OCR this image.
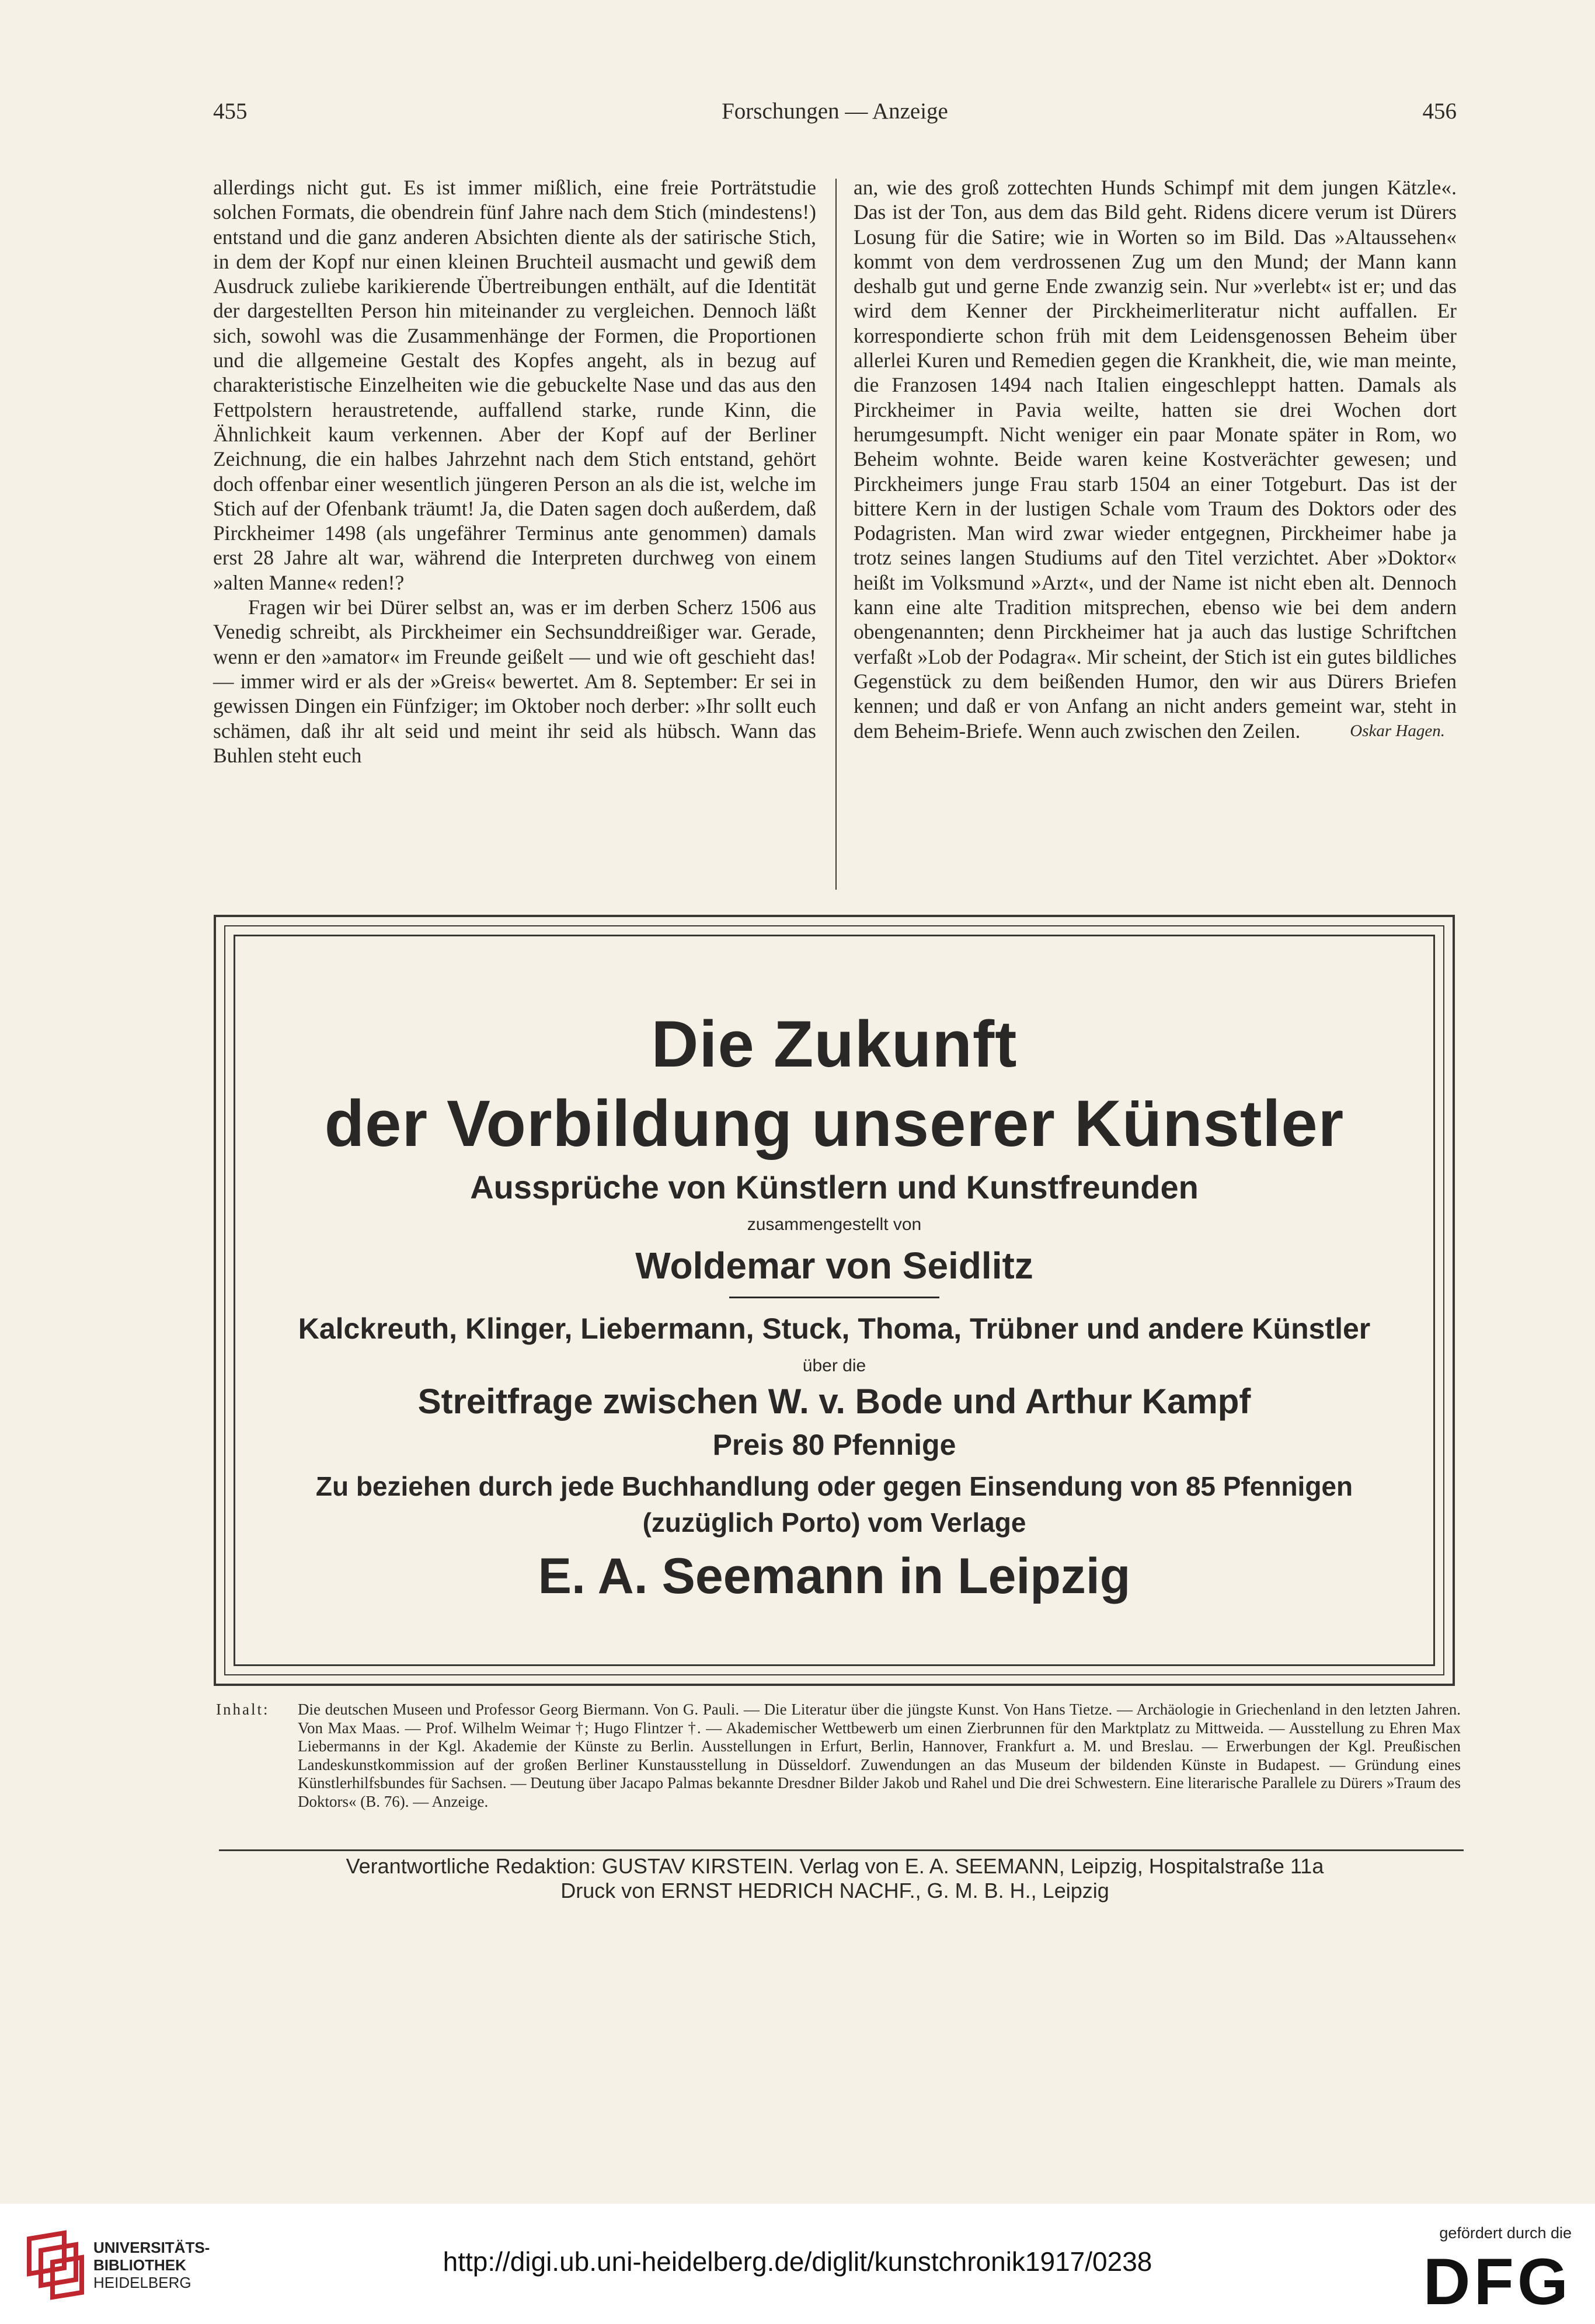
455	Forschungen — Anzeige	456

allerdings nicht gut. Es ist immer mißlich, eine freie Porträtstudie solchen Formats, die obendrein fünf Jahre nach dem Stich (mindestens!) entstand und die ganz anderen Absichten diente als der satirische Stich, in dem der Kopf nur einen kleinen Bruchteil ausmacht und gewiß dem Ausdruck zuliebe karikierende Übertreibungen enthält, auf die Identität der dargestellten Person hin miteinander zu vergleichen. Dennoch läßt sich, sowohl was die Zusammenhänge der Formen, die Proportionen und die allgemeine Gestalt des Kopfes angeht, als in bezug auf charakteristische Einzelheiten wie die gebuckelte Nase und das aus den Fettpolstern heraustretende, auffallend starke, runde Kinn, die Ähnlichkeit kaum verkennen. Aber der Kopf auf der Berliner Zeichnung, die ein halbes Jahrzehnt nach dem Stich entstand, gehört doch offenbar einer wesentlich jüngeren Person an als die ist, welche im Stich auf der Ofenbank träumt! Ja, die Daten sagen doch außerdem, daß Pirckheimer 1498 (als ungefährer Terminus ante genommen) damals erst 28 Jahre alt war, während die Interpreten durchweg von einem »alten Manne« reden!?

Fragen wir bei Dürer selbst an, was er im derben Scherz 1506 aus Venedig schreibt, als Pirckheimer ein Sechsunddreißiger war. Gerade, wenn er den »amator« im Freunde geißelt — und wie oft geschieht das! — immer wird er als der »Greis« bewertet. Am 8. September: Er sei in gewissen Dingen ein Fünfziger; im Oktober noch derber: »Ihr sollt euch schämen, daß ihr alt seid und meint ihr seid als hübsch. Wann das Buhlen steht euch

an, wie des groß zottechten Hunds Schimpf mit dem jungen Kätzle«. Das ist der Ton, aus dem das Bild geht. Ridens dicere verum ist Dürers Losung für die Satire; wie in Worten so im Bild. Das »Altaussehen« kommt von dem verdrossenen Zug um den Mund; der Mann kann deshalb gut und gerne Ende zwanzig sein. Nur »verlebt« ist er; und das wird dem Kenner der Pirckheimerliteratur nicht auffallen. Er korrespondierte schon früh mit dem Leidensgenossen Beheim über allerlei Kuren und Remedien gegen die Krankheit, die, wie man meinte, die Franzosen 1494 nach Italien eingeschleppt hatten. Damals als Pirckheimer in Pavia weilte, hatten sie drei Wochen dort herumgesumpft. Nicht weniger ein paar Monate später in Rom, wo Beheim wohnte. Beide waren keine Kostverächter gewesen; und Pirckheimers junge Frau starb 1504 an einer Totgeburt. Das ist der bittere Kern in der lustigen Schale vom Traum des Doktors oder des Podagristen. Man wird zwar wieder entgegnen, Pirckheimer habe ja trotz seines langen Studiums auf den Titel verzichtet. Aber »Doktor« heißt im Volksmund »Arzt«, und der Name ist nicht eben alt. Dennoch kann eine alte Tradition mitsprechen, ebenso wie bei dem andern obengenannten; denn Pirckheimer hat ja auch das lustige Schriftchen verfaßt »Lob der Podagra«. Mir scheint, der Stich ist ein gutes bildliches Gegenstück zu dem beißenden Humor, den wir aus Dürers Briefen kennen; und daß er von Anfang an nicht anders gemeint war, steht in dem Beheim-Briefe. Wenn auch zwischen den Zeilen.	Oskar Hagen.
Die Zukunft
der Vorbildung unserer Künstler
Aussprüche von Künstlern und Kunstfreunden
zusammengestellt von
Woldemar von Seidlitz
Kalckreuth, Klinger, Liebermann, Stuck, Thoma, Trübner und andere Künstler
über die
Streitfrage zwischen W. v. Bode und Arthur Kampf
Preis 80 Pfennige
Zu beziehen durch jede Buchhandlung oder gegen Einsendung von 85 Pfennigen
(zuzüglich Porto) vom Verlage
E. A. Seemann in Leipzig
Inhalt: Die deutschen Museen und Professor Georg Biermann. Von G. Pauli. — Die Literatur über die jüngste Kunst. Von Hans Tietze. — Archäologie in Griechenland in den letzten Jahren. Von Max Maas. — Prof. Wilhelm Weimar †; Hugo Flintzer †. — Akademischer Wettbewerb um einen Zierbrunnen für den Marktplatz zu Mittweida. — Ausstellung zu Ehren Max Liebermanns in der Kgl. Akademie der Künste zu Berlin. Ausstellungen in Erfurt, Berlin, Hannover, Frankfurt a. M. und Breslau. — Erwerbungen der Kgl. Preußischen Landeskunstkommission auf der großen Berliner Kunstausstellung in Düsseldorf. Zuwendungen an das Museum der bildenden Künste in Budapest. — Gründung eines Künstlerhilfsbundes für Sachsen. — Deutung über Jacapo Palmas bekannte Dresdner Bilder Jakob und Rahel und Die drei Schwestern. Eine literarische Parallele zu Dürers »Traum des Doktors« (B. 76). — Anzeige.
Verantwortliche Redaktion: GUSTAV KIRSTEIN. Verlag von E. A. SEEMANN, Leipzig, Hospitalstraße 11a
Druck von ERNST HEDRICH NACHF., G. M. B. H., Leipzig
UNIVERSITÄTS-
BIBLIOTHEK
HEIDELBERG
http://digi.ub.uni-heidelberg.de/diglit/kunstchronik1917/0238
gefördert durch die
DFG
